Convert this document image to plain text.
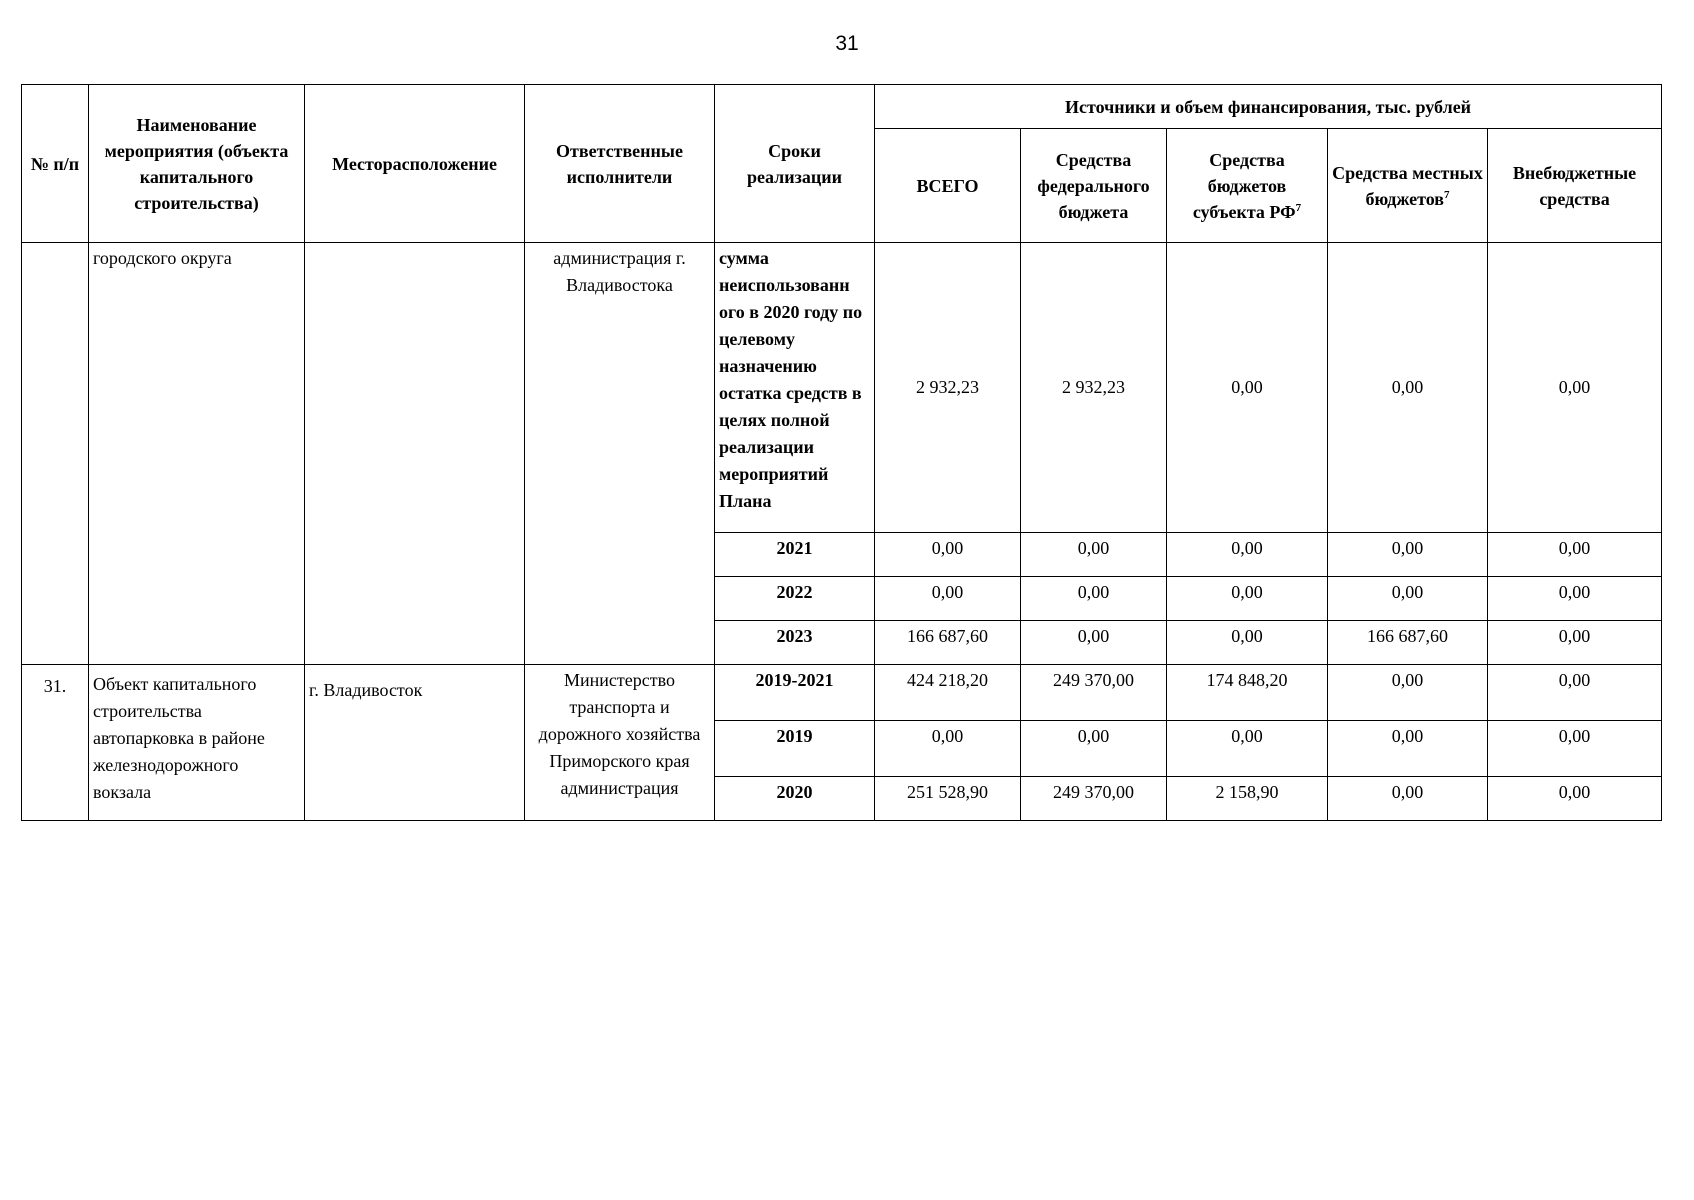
31
№ п/п	Наименование мероприятия (объекта капитального строительства)	Месторасположение	Ответственные исполнители	Сроки реализации	Источники и объем финансирования, тыс. рублей				
					ВСЕГО	Средства федерального бюджета	Средства бюджетов субъекта $РФ^7$	Средства местных бюджетов$^7$	Внебюджетные средства
	городского округа		администрация г. Владивостока	сумма неиспользованн ого в 2020 году по целевому назначению остатка средств в целях полной реализации мероприятий Плана	2 932,23	2 932,23	0,00	0,00	0,00
				2021	0,00	0,00	0,00	0,00	0,00
				2022	0,00	0,00	0,00	0,00	0,00
				2023	166 687,60	0,00	0,00	166 687,60	0,00
31.	Объект капитального строительства автопарковка в районе железнодорожного вокзала	г. Владивосток	Министерство транспорта и дорожного хозяйства Приморского края администрация	2019-2021	424 218,20	249 370,00	174 848,20	0,00	0,00
				2019	0,00	0,00	0,00	0,00	0,00
				2020	251 528,90	249 370,00	2 158,90	0,00	0,00
